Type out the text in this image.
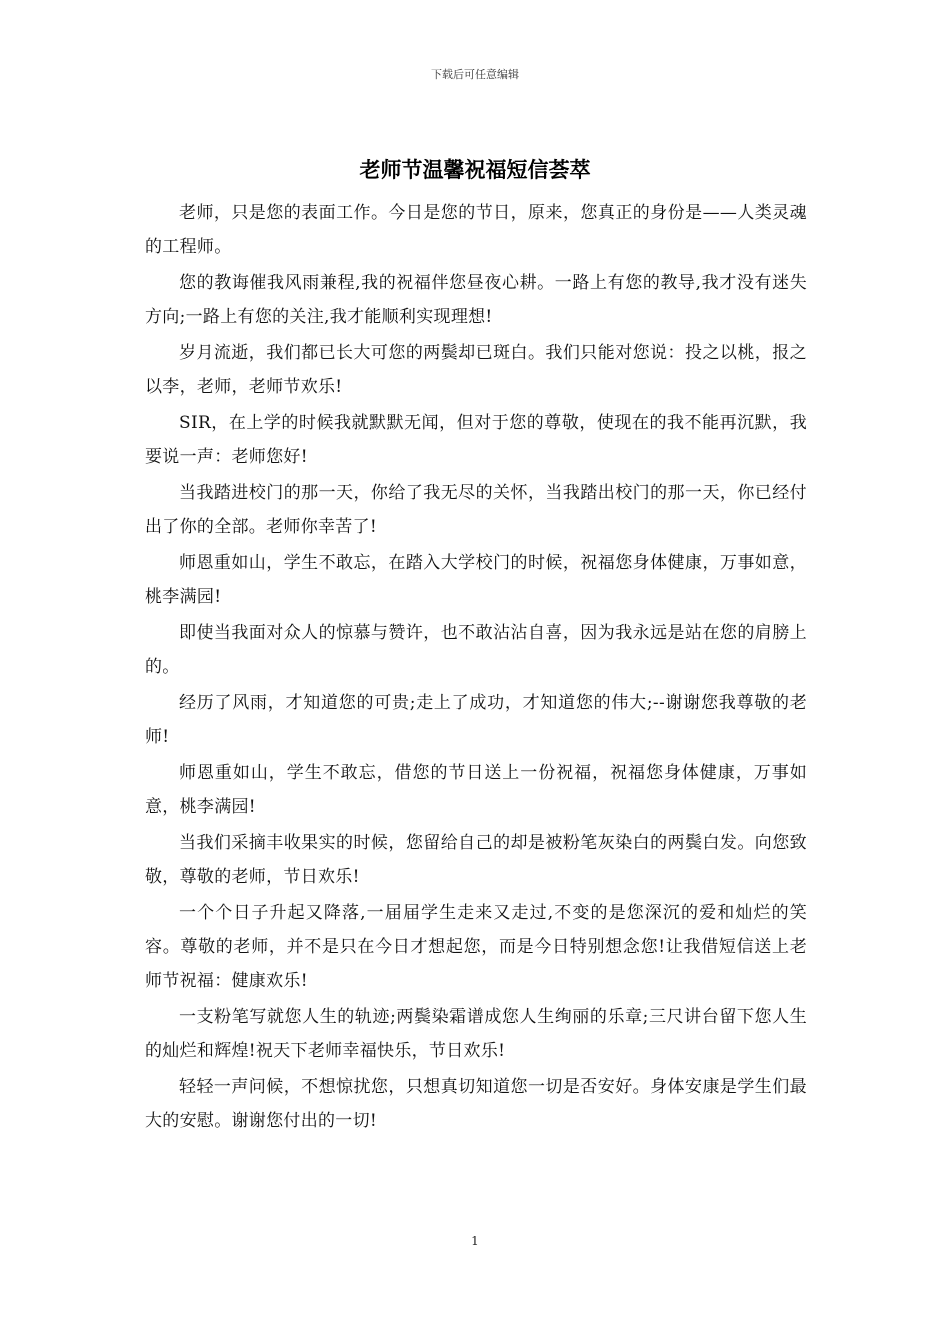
下载后可任意编辑
老师节温馨祝福短信荟萃

老师，只是您的表面工作。今日是您的节日，原来，您真正的身份是——人类灵魂的工程师。

您的教诲催我风雨兼程,我的祝福伴您昼夜心耕。一路上有您的教导,我才没有迷失方向;一路上有您的关注,我才能顺利实现理想!

岁月流逝，我们都已长大可您的两鬓却已斑白。我们只能对您说：投之以桃，报之以李，老师，老师节欢乐!

SIR，在上学的时候我就默默无闻，但对于您的尊敬，使现在的我不能再沉默，我要说一声：老师您好!

当我踏进校门的那一天，你给了我无尽的关怀，当我踏出校门的那一天，你已经付出了你的全部。老师你幸苦了!

师恩重如山，学生不敢忘，在踏入大学校门的时候，祝福您身体健康，万事如意，桃李满园!

即使当我面对众人的惊慕与赞许，也不敢沾沾自喜，因为我永远是站在您的肩膀上的。

经历了风雨，才知道您的可贵;走上了成功，才知道您的伟大;--谢谢您我尊敬的老师!

师恩重如山，学生不敢忘，借您的节日送上一份祝福，祝福您身体健康，万事如意，桃李满园!

当我们采摘丰收果实的时候，您留给自己的却是被粉笔灰染白的两鬓白发。向您致敬，尊敬的老师，节日欢乐!

一个个日子升起又降落,一届届学生走来又走过,不变的是您深沉的爱和灿烂的笑容。尊敬的老师，并不是只在今日才想起您，而是今日特别想念您!让我借短信送上老师节祝福：健康欢乐!

一支粉笔写就您人生的轨迹;两鬓染霜谱成您人生绚丽的乐章;三尺讲台留下您人生的灿烂和辉煌!祝天下老师幸福快乐，节日欢乐!

轻轻一声问候，不想惊扰您，只想真切知道您一切是否安好。身体安康是学生们最大的安慰。谢谢您付出的一切!

1
